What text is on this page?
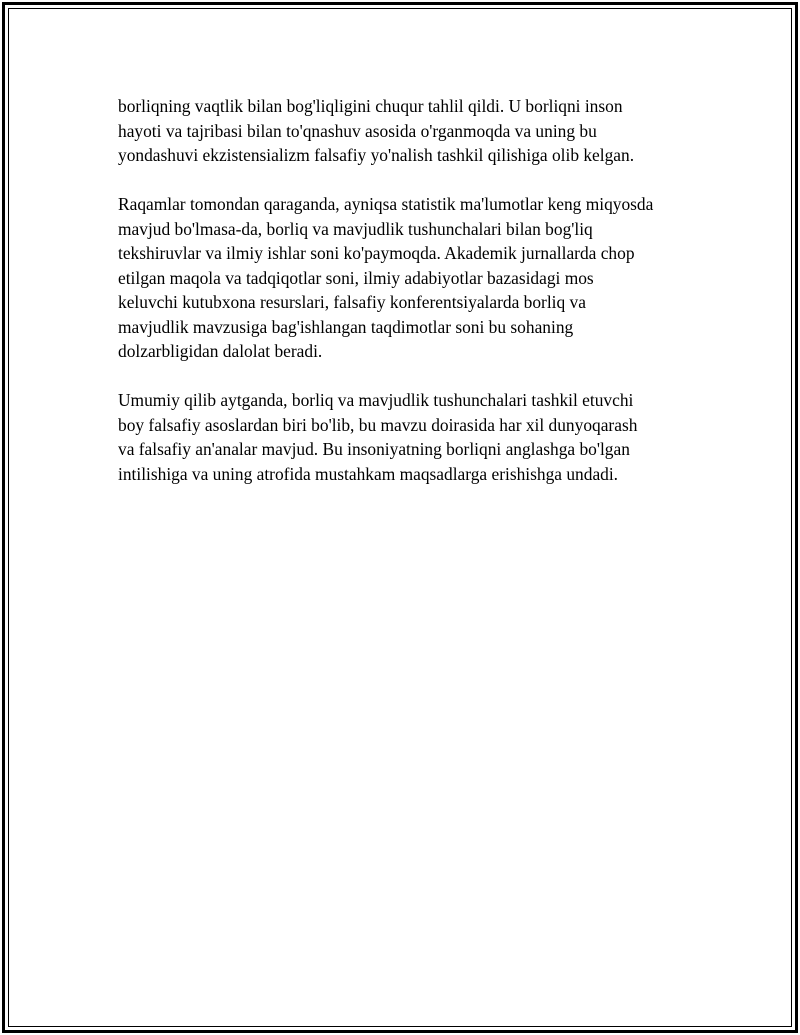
borliqning vaqtlik bilan bog'liqligini chuqur tahlil qildi. U borliqni inson
hayoti va tajribasi bilan to'qnashuv asosida o'rganmoqda va uning bu
yondashuvi ekzistensializm falsafiy yo'nalish tashkil qilishiga olib kelgan.

Raqamlar tomondan qaraganda, ayniqsa statistik ma'lumotlar keng miqyosda
mavjud bo'lmasa-da, borliq va mavjudlik tushunchalari bilan bog'liq
tekshiruvlar va ilmiy ishlar soni ko'paymoqda. Akademik jurnallarda chop
etilgan maqola va tadqiqotlar soni, ilmiy adabiyotlar bazasidagi mos
keluvchi kutubxona resurslari, falsafiy konferentsiyalarda borliq va
mavjudlik mavzusiga bag'ishlangan taqdimotlar soni bu sohaning
dolzarbligidan dalolat beradi.

Umumiy qilib aytganda, borliq va mavjudlik tushunchalari tashkil etuvchi
boy falsafiy asoslardan biri bo'lib, bu mavzu doirasida har xil dunyoqarash
va falsafiy an'analar mavjud. Bu insoniyatning borliqni anglashga bo'lgan
intilishiga va uning atrofida mustahkam maqsadlarga erishishga undadi.
